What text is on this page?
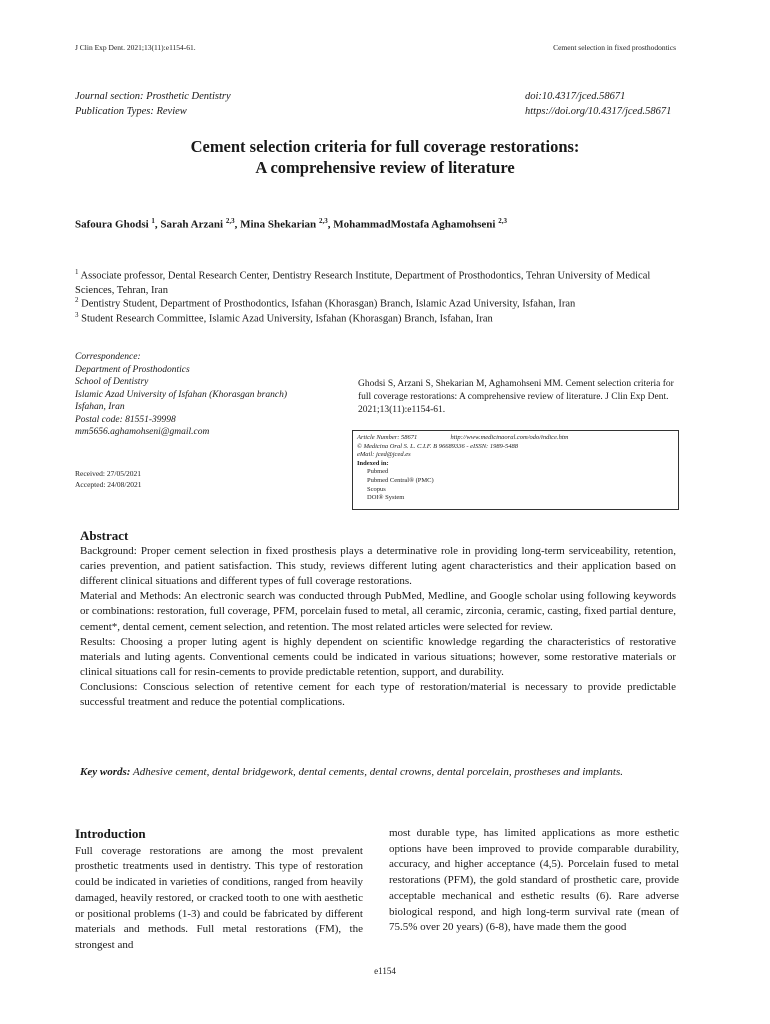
J Clin Exp Dent. 2021;13(11):e1154-61.	Cement selection in fixed prosthodontics
Journal section: Prosthetic Dentistry
Publication Types: Review
doi:10.4317/jced.58671
https://doi.org/10.4317/jced.58671
Cement selection criteria for full coverage restorations:
A comprehensive review of literature
Safoura Ghodsi $^1$, Sarah Arzani $^{2,3}$, Mina Shekarian $^{2,3}$, MohammadMostafa Aghamohseni $^{2,3}$
$^1$ Associate professor, Dental Research Center, Dentistry Research Institute, Department of Prosthodontics, Tehran University of Medical Sciences, Tehran, Iran
$^2$ Dentistry Student, Department of Prosthodontics, Isfahan (Khorasgan) Branch, Islamic Azad University, Isfahan, Iran
$^3$ Student Research Committee, Islamic Azad University, Isfahan (Khorasgan) Branch, Isfahan, Iran
Correspondence:
Department of Prosthodontics
School of Dentistry
Islamic Azad University of Isfahan (Khorasgan branch)
Isfahan, Iran
Postal code: 81551-39998
mm5656.aghamohseni@gmail.com
Received: 27/05/2021
Accepted: 24/08/2021
Ghodsi S, Arzani S, Shekarian M, Aghamohseni MM. Cement selection criteria for full coverage restorations: A comprehensive review of literature. J Clin Exp Dent. 2021;13(11):e1154-61.
Article Number: 58671	http://www.medicinaoral.com/odo/indice.htm
© Medicina Oral S. L. C.I.F. B 96689336 - eISSN: 1989-5488
eMail: jced@jced.es
Indexed in:
Pubmed
Pubmed Central® (PMC)
Scopus
DOI® System
Abstract

Background: Proper cement selection in fixed prosthesis plays a determinative role in providing long-term serviceability, retention, caries prevention, and patient satisfaction. This study, reviews different luting agent characteristics and their application based on different clinical situations and different types of full coverage restorations.

Material and Methods: An electronic search was conducted through PubMed, Medline, and Google scholar using following keywords or combinations: restoration, full coverage, PFM, porcelain fused to metal, all ceramic, zirconia, ceramic, casting, fixed partial denture, cement*, dental cement, cement selection, and retention. The most related articles were selected for review.

Results: Choosing a proper luting agent is highly dependent on scientific knowledge regarding the characteristics of restorative materials and luting agents. Conventional cements could be indicated in various situations; however, some restorative materials or clinical situations call for resin-cements to provide predictable retention, support, and durability.

Conclusions: Conscious selection of retentive cement for each type of restoration/material is necessary to provide predictable successful treatment and reduce the potential complications.

Key words: Adhesive cement, dental bridgework, dental cements, dental crowns, dental porcelain, prostheses and implants.
Introduction

Full coverage restorations are among the most prevalent prosthetic treatments used in dentistry. This type of restoration could be indicated in varieties of conditions, ranged from heavily damaged, heavily restored, or cracked tooth to one with aesthetic or positional problems (1-3) and could be fabricated by different materials and methods. Full metal restorations (FM), the strongest and

most durable type, has limited applications as more esthetic options have been improved to provide comparable durability, accuracy, and higher acceptance (4,5). Porcelain fused to metal restorations (PFM), the gold standard of prosthetic care, provide acceptable mechanical and esthetic results (6). Rare adverse biological respond, and high long-term survival rate (mean of 75.5% over 20 years) (6-8), have made them the good

e1154
